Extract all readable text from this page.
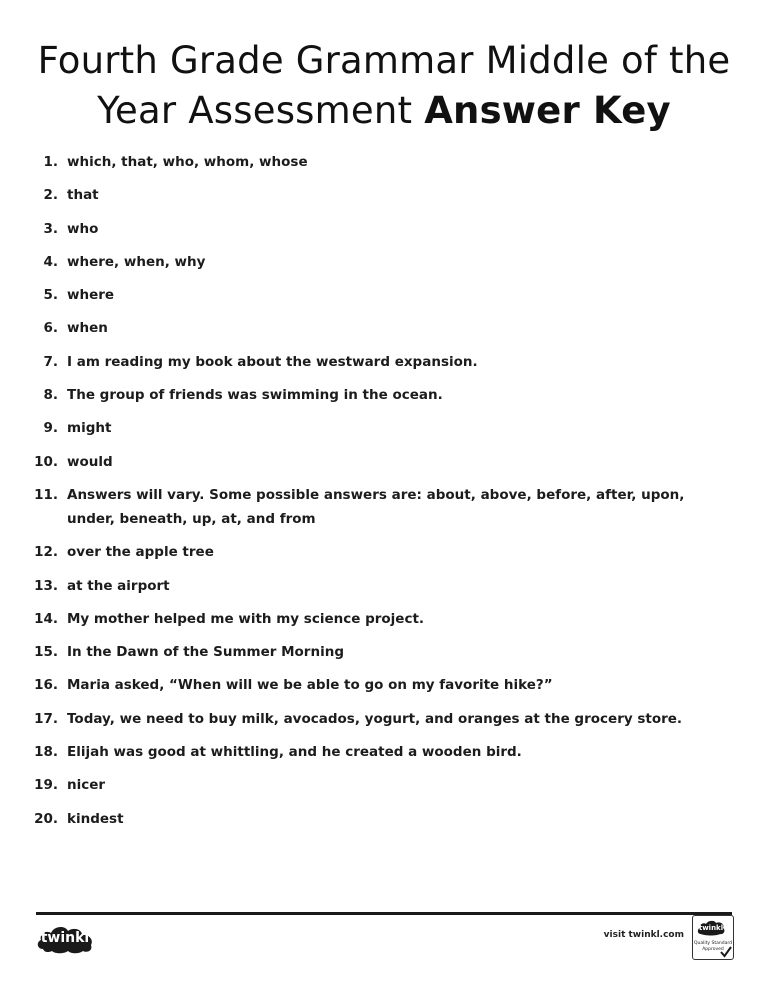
Fourth Grade Grammar Middle of the Year Assessment Answer Key
1. which, that, who, whom, whose
2. that
3. who
4. where, when, why
5. where
6. when
7. I am reading my book about the westward expansion.
8. The group of friends was swimming in the ocean.
9. might
10. would
11. Answers will vary. Some possible answers are: about, above, before, after, upon, under, beneath, up, at, and from
12. over the apple tree
13. at the airport
14. My mother helped me with my science project.
15. In the Dawn of the Summer Morning
16. Maria asked, “When will we be able to go on my favorite hike?”
17. Today, we need to buy milk, avocados, yogurt, and oranges at the grocery store.
18. Elijah was good at whittling, and he created a wooden bird.
19. nicer
20. kindest
twinkl	visit twinkl.com
twinkl
Quality Standard
Approved
